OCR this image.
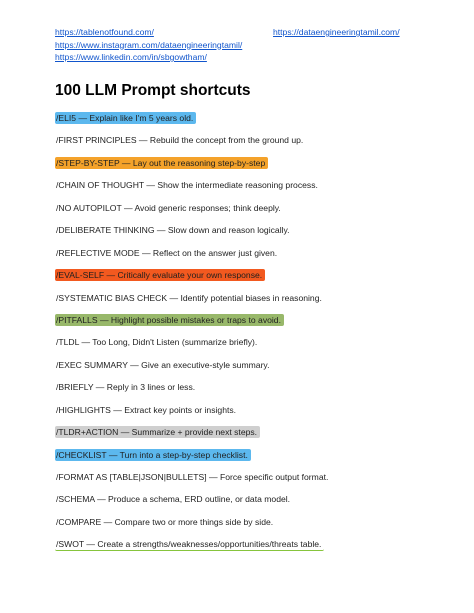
https://tablenotfound.com/	https://dataengineeringtamil.com/
https://www.instagram.com/dataengineeringtamil/
https://www.linkedin.com/in/sbgowtham/
100 LLM Prompt shortcuts
/ELI5 — Explain like I'm 5 years old.
/FIRST PRINCIPLES — Rebuild the concept from the ground up.
/STEP-BY-STEP — Lay out the reasoning step-by-step
/CHAIN OF THOUGHT — Show the intermediate reasoning process.
/NO AUTOPILOT — Avoid generic responses; think deeply.
/DELIBERATE THINKING — Slow down and reason logically.
/REFLECTIVE MODE — Reflect on the answer just given.
/EVAL-SELF — Critically evaluate your own response.
/SYSTEMATIC BIAS CHECK — Identify potential biases in reasoning.
/PITFALLS — Highlight possible mistakes or traps to avoid.
/TLDL — Too Long, Didn't Listen (summarize briefly).
/EXEC SUMMARY — Give an executive-style summary.
/BRIEFLY — Reply in 3 lines or less.
/HIGHLIGHTS — Extract key points or insights.
/TLDR+ACTION — Summarize + provide next steps.
/CHECKLIST — Turn into a step-by-step checklist.
/FORMAT AS [TABLE|JSON|BULLETS] — Force specific output format.
/SCHEMA — Produce a schema, ERD outline, or data model.
/COMPARE — Compare two or more things side by side.
/SWOT — Create a strengths/weaknesses/opportunities/threats table.
